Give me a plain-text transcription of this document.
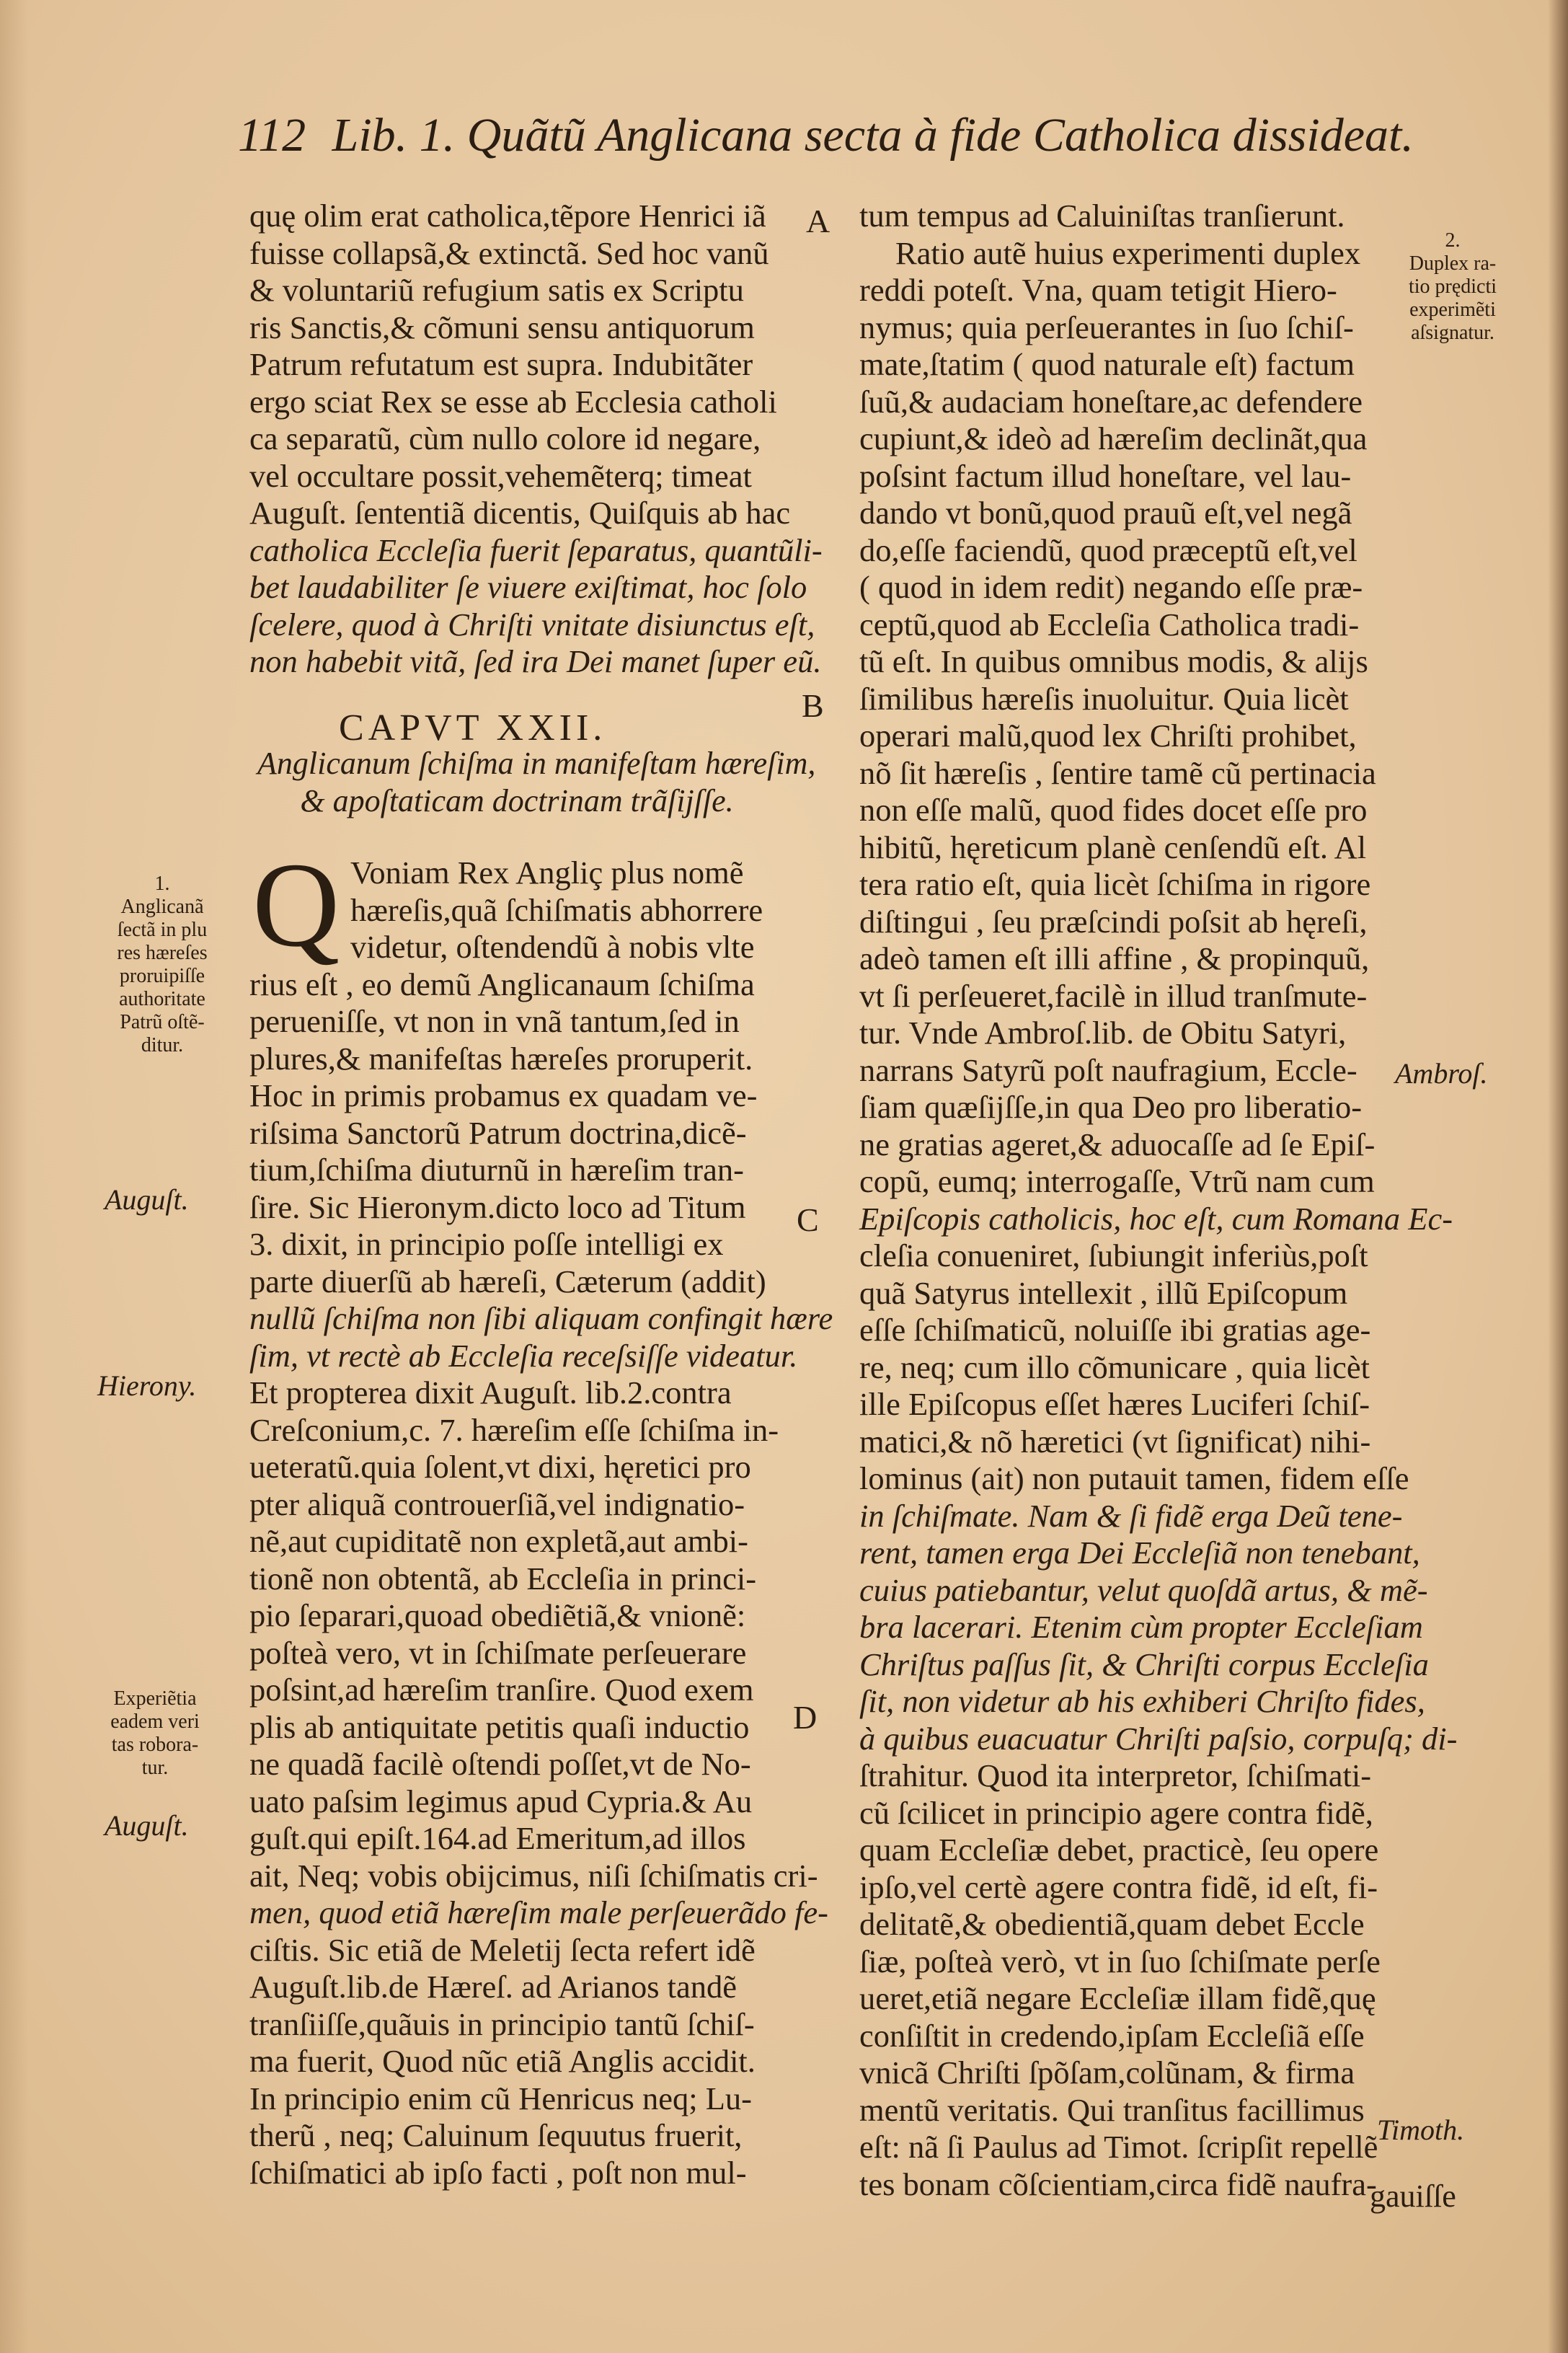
112 Lib. 1. Quãtũ Anglicana secta à fide Catholica dissideat.
quę olim erat catholica,tẽpore Henrici iã
fuisse collapsã,& extinctã. Sed hoc vanũ
& voluntariũ refugium satis ex Scriptu
ris Sanctis,& cõmuni sensu antiquorum
Patrum refutatum est supra. Indubitãter
ergo sciat Rex se esse ab Ecclesia catholi
ca separatũ, cùm nullo colore id negare,
vel occultare possit,vehemẽterq; timeat
Auguſt. ſententiã dicentis, Quiſquis ab hac
catholica Eccleſia fuerit ſeparatus, quantũli-
bet laudabiliter ſe viuere exiſtimat, hoc ſolo
ſcelere, quod à Chriſti vnitate disiunctus eſt,
non habebit vitã, ſed ira Dei manet ſuper eũ.
CAPVT XXII.
Anglicanum ſchiſma in manifeſtam hæreſim,
& apoſtaticam doctrinam trãſijſſe.
Q Voniam Rex Angliç plus nomẽ
hæreſis,quã ſchiſmatis abhorrere
videtur, oſtendendũ à nobis vlte
rius eſt , eo demũ Anglicanaum ſchiſma
perueniſſe, vt non in vnã tantum,ſed in
plures,& manifeſtas hæreſes proruperit.
Hoc in primis probamus ex quadam ve-
riſsima Sanctorũ Patrum doctrina,dicẽ-
tium,ſchiſma diuturnũ in hæreſim tran-
ſire. Sic Hieronym.dicto loco ad Titum
3. dixit, in principio poſſe intelligi ex
parte diuerſũ ab hæreſi, Cæterum (addit)
nullũ ſchiſma non ſibi aliquam confingit hære
ſim, vt rectè ab Eccleſia receſsiſſe videatur.
Et propterea dixit Auguſt. lib.2.contra
Creſconium,c. 7. hæreſim eſſe ſchiſma in-
ueteratũ.quia ſolent,vt dixi, hęretici pro
pter aliquã controuerſiã,vel indignatio-
nẽ,aut cupiditatẽ non expletã,aut ambi-
tionẽ non obtentã, ab Eccleſia in princi-
pio ſeparari,quoad obediẽtiã,& vnionẽ:
poſteà vero, vt in ſchiſmate perſeuerare
poſsint,ad hæreſim tranſire. Quod exem
plis ab antiquitate petitis quaſi inductio
ne quadã facilè oſtendi poſſet,vt de No-
uato paſsim legimus apud Cypria.& Au
guſt.qui epiſt.164.ad Emeritum,ad illos
ait, Neq; vobis obijcimus, niſi ſchiſmatis cri-
men, quod etiã hæreſim male perſeuerãdo fe-
ciſtis. Sic etiã de Meletij ſecta refert idẽ
Auguſt.lib.de Hæreſ. ad Arianos tandẽ
tranſiiſſe,quãuis in principio tantũ ſchiſ-
ma fuerit, Quod nũc etiã Anglis accidit.
In principio enim cũ Henricus neq; Lu-
therũ , neq; Caluinum ſequutus fruerit,
ſchiſmatici ab ipſo facti , poſt non mul-
tum tempus ad Caluiniſtas tranſierunt.
Ratio autẽ huius experimenti duplex
reddi poteſt. Vna, quam tetigit Hiero-
nymus; quia perſeuerantes in ſuo ſchiſ-
mate,ſtatim ( quod naturale eſt) factum
ſuũ,& audaciam honeſtare,ac defendere
cupiunt,& ideò ad hæreſim declinãt,qua
poſsint factum illud honeſtare, vel lau-
dando vt bonũ,quod prauũ eſt,vel negã
do,eſſe faciendũ, quod præceptũ eſt,vel
( quod in idem redit) negando eſſe præ-
ceptũ,quod ab Eccleſia Catholica tradi-
tũ eſt. In quibus omnibus modis, & alijs
ſimilibus hæreſis inuoluitur. Quia licèt
operari malũ,quod lex Chriſti prohibet,
nõ ſit hæreſis , ſentire tamẽ cũ pertinacia
non eſſe malũ, quod fides docet eſſe pro
hibitũ, hęreticum planè cenſendũ eſt. Al
tera ratio eſt, quia licèt ſchiſma in rigore
diſtingui , ſeu præſcindi poſsit ab hęreſi,
adeò tamen eſt illi affine , & propinquũ,
vt ſi perſeueret,facilè in illud tranſmute-
tur. Vnde Ambroſ.lib. de Obitu Satyri,
narrans Satyrũ poſt naufragium, Eccle-
ſiam quæſijſſe,in qua Deo pro liberatio-
ne gratias ageret,& aduocaſſe ad ſe Epiſ-
copũ, eumq; interrogaſſe, Vtrũ nam cum
Epiſcopis catholicis, hoc eſt, cum Romana Ec-
cleſia conueniret, ſubiungit inferiùs,poſt
quã Satyrus intellexit , illũ Epiſcopum
eſſe ſchiſmaticũ, noluiſſe ibi gratias age-
re, neq; cum illo cõmunicare , quia licèt
ille Epiſcopus eſſet hæres Luciferi ſchiſ-
matici,& nõ hæretici (vt ſignificat) nihi-
lominus (ait) non putauit tamen, fidem eſſe
in ſchiſmate. Nam & ſi fidẽ erga Deũ tene-
rent, tamen erga Dei Eccleſiã non tenebant,
cuius patiebantur, velut quoſdã artus, & mẽ-
bra lacerari. Etenim cùm propter Eccleſiam
Chriſtus paſſus ſit, & Chriſti corpus Eccleſia
ſit, non videtur ab his exhiberi Chriſto fides,
à quibus euacuatur Chriſti paſsio, corpuſq; di-
ſtrahitur. Quod ita interpretor, ſchiſmati-
cũ ſcilicet in principio agere contra fidẽ,
quam Eccleſiæ debet, practicè, ſeu opere
ipſo,vel certè agere contra fidẽ, id eſt, fi-
delitatẽ,& obedientiã,quam debet Eccle
ſiæ, poſteà verò, vt in ſuo ſchiſmate perſe
ueret,etiã negare Eccleſiæ illam fidẽ,quę
conſiſtit in credendo,ipſam Eccleſiã eſſe
vnicã Chriſti ſpõſam,colũnam, & firma
mentũ veritatis. Qui tranſitus facillimus
eſt: nã ſi Paulus ad Timot. ſcripſit repellẽ
tes bonam cõſcientiam,circa fidẽ naufra-
gauiſſe
A
B
C
D
1.
Anglicanã
ſectã in plu
res hæreſes
proruipiſſe
authoritate
Patrũ oſtẽ-
ditur.
Experiẽtia
eadem veri
tas robora-
tur.
Auguſt.
Hierony.
Auguſt.
2.
Duplex ra-
tio prędicti
experimẽti
aſsignatur.
Ambroſ.
Timoth.
